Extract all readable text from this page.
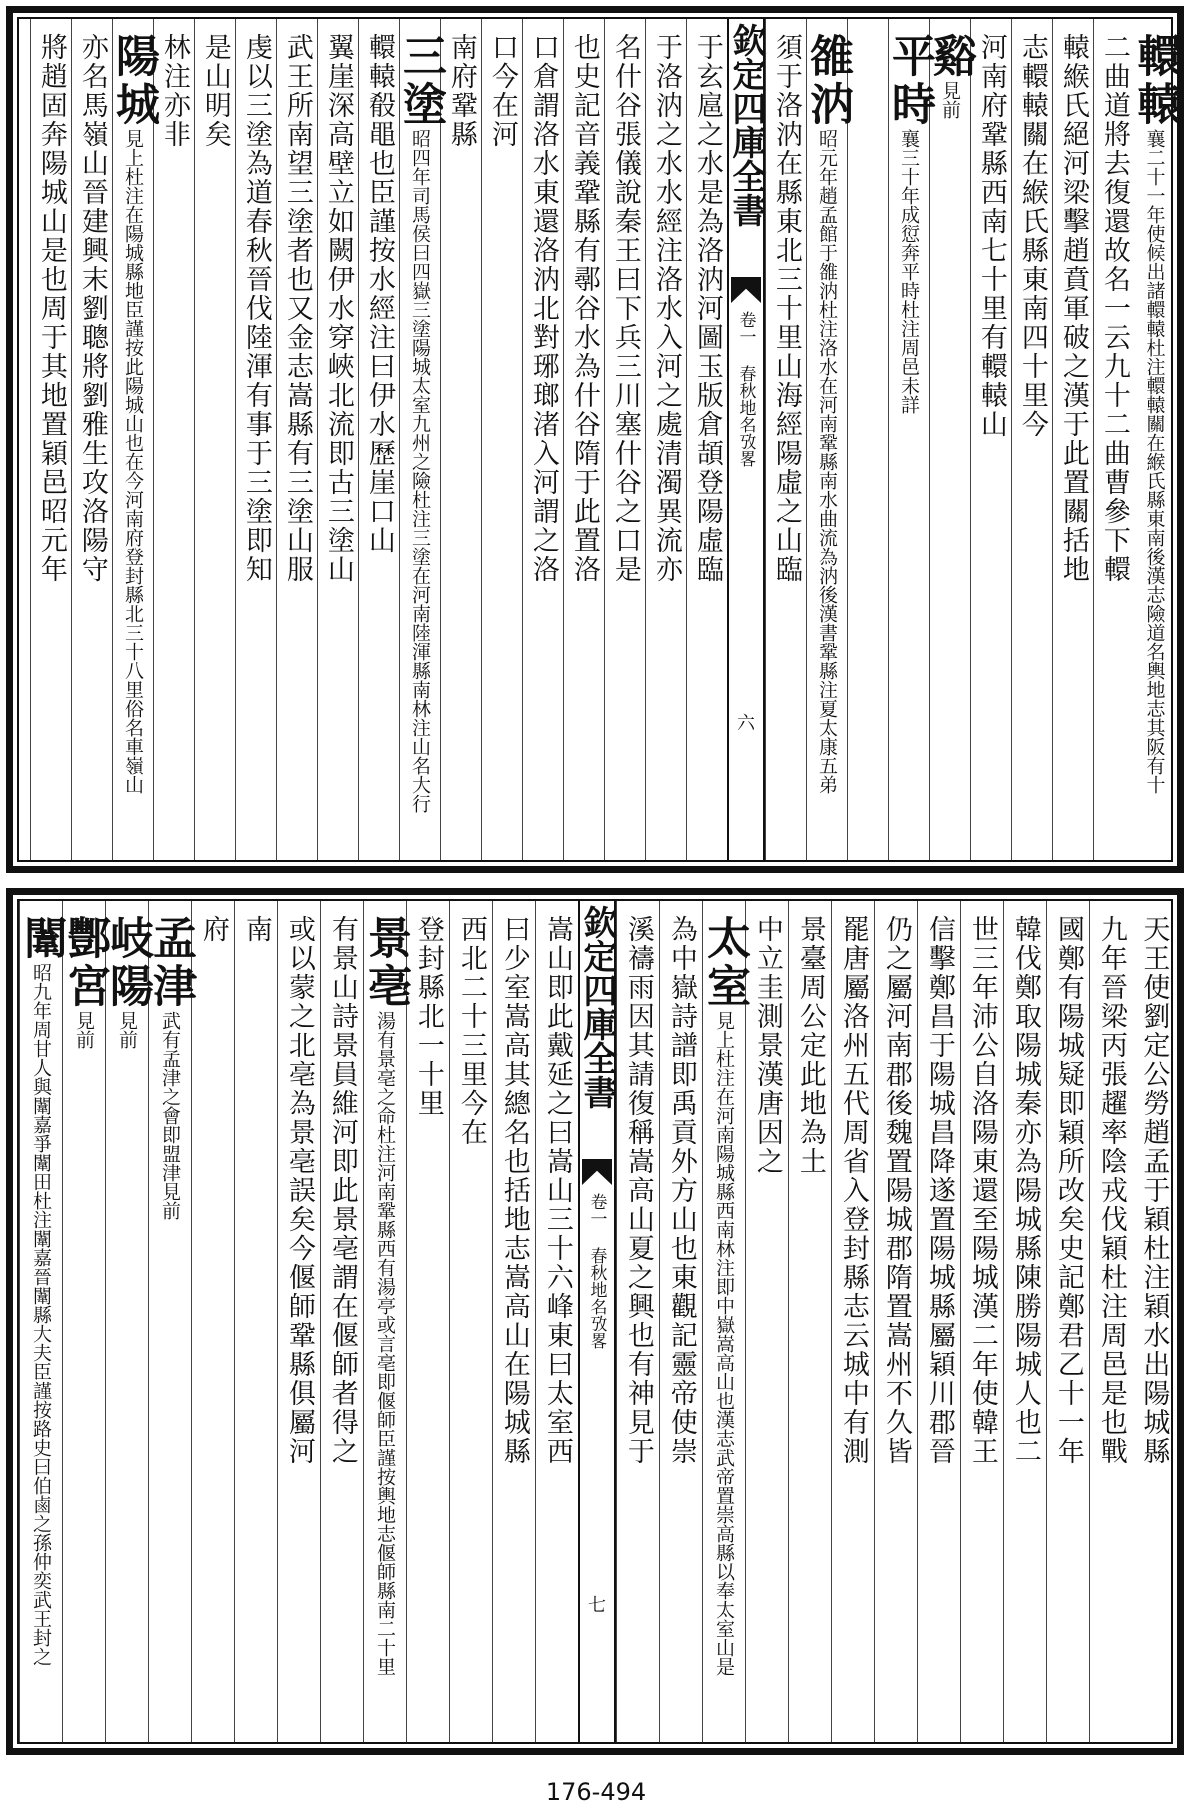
欽定四庫全書
卷一 春秋地名攷畧
六
轘轅襄二十一年使候出諸轘轅杜注轘轅關在緱氏縣東南後漢志險道名輿地志其阪有十
二曲道將去復還故名一云九十二曲曹參下轘
轅緱氏絕河梁擊趙賁軍破之漢于此置關括地
志轘轅關在緱氏縣東南四十里今
河南府鞏縣西南七十里有轘轅山
谿見前
平時襄三十年成愆奔平時杜注周邑未詳
雒汭昭元年趙孟館于雒汭杜注洛水在河南鞏縣南水曲流為汭後漢書鞏縣注夏太康五弟
須于洛汭在縣東北三十里山海經陽虛之山臨
于玄扈之水是為洛汭河圖玉版倉頡登陽虛臨
于洛汭之水水經注洛水入河之處清濁異流亦
名什谷張儀說秦王曰下兵三川塞什谷之口是
也史記音義鞏縣有鄩谷水為什谷隋于此置洛
口倉謂洛水東還洛汭北對琊瑯渚入河謂之洛
口今在河
南府鞏縣
三塗昭四年司馬侯曰四嶽三塗陽城太室九州之險杜注三塗在河南陸渾縣南林注山名大行
轘轅殽黽也臣謹按水經注曰伊水歷崖口山
翼崖深高壁立如闕伊水穿峽北流即古三塗山
武王所南望三塗者也又金志嵩縣有三塗山服
虔以三塗為道春秋晉伐陸渾有事于三塗即知
是山明矣
林注亦非
陽城見上杜注在陽城縣地臣謹按此陽城山也在今河南府登封縣北三十八里俗名車嶺山
亦名馬嶺山晉建興末劉聰將劉雅生攻洛陽守
將趙固奔陽城山是也周于其地置穎邑昭元年
欽定四庫全書
卷一 春秋地名攷畧
七
天王使劉定公勞趙孟于穎杜注穎水出陽城縣
九年晉梁丙張趯率陰戎伐穎杜注周邑是也戰
國鄭有陽城疑即穎所改矣史記鄭君乙十一年
韓伐鄭取陽城秦亦為陽城縣陳勝陽城人也二
世三年沛公自洛陽東還至陽城漢二年使韓王
信擊鄭昌于陽城昌降遂置陽城縣屬穎川郡晉
仍之屬河南郡後魏置陽城郡隋置嵩州不久皆
罷唐屬洛州五代周省入登封縣志云城中有測
景臺周公定此地為土
中立圭測景漢唐因之
太室見上杜注在河南陽城縣西南林注即中嶽嵩高山也漢志武帝置崇高縣以奉太室山是
為中嶽詩譜即禹貢外方山也東觀記靈帝使崇
溪禱雨因其請復稱嵩高山夏之興也有神見于
嵩山即此戴延之曰嵩山三十六峰東曰太室西
曰少室嵩高其總名也括地志嵩高山在陽城縣
西北二十三里今在
登封縣北一十里
景亳湯有景亳之命杜注河南鞏縣西有湯亭或言亳即偃師臣謹按輿地志偃師縣南二十里
有景山詩景員維河即此景亳謂在偃師者得之
或以蒙之北亳為景亳誤矣今偃師鞏縣俱屬河
南
府
孟津武有孟津之會即盟津見前
岐陽見前
酆宮見前
闈昭九年周甘人與闈嘉爭闈田杜注闈嘉晉闈縣大夫臣謹按路史曰伯鹵之孫仲奕武王封之
176-494
